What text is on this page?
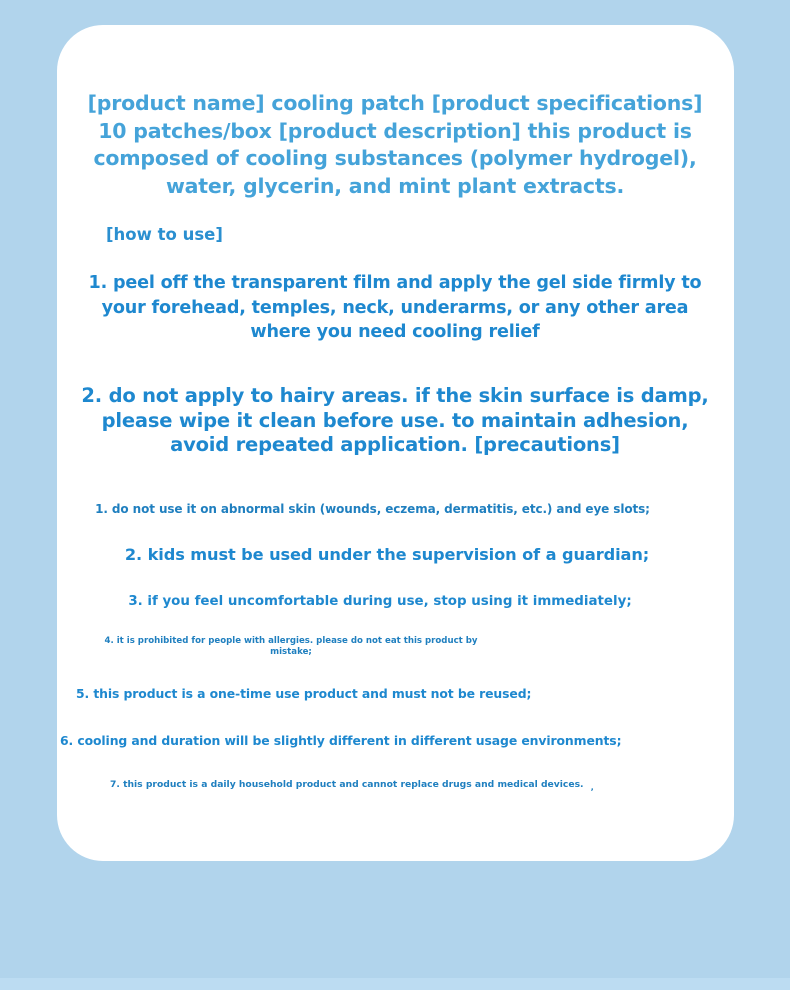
[product name] cooling patch [product specifications]
10 patches/box [product description] this product is
composed of cooling substances (polymer hydrogel),
water, glycerin, and mint plant extracts.
[how to use]
1. peel off the transparent film and apply the gel side firmly to
your forehead, temples, neck, underarms, or any other area
where you need cooling relief
2. do not apply to hairy areas. if the skin surface is damp,
please wipe it clean before use. to maintain adhesion,
avoid repeated application. [precautions]
1. do not use it on abnormal skin (wounds, eczema, dermatitis, etc.) and eye slots;
2. kids must be used under the supervision of a guardian;
3. if you feel uncomfortable during use, stop using it immediately;
4. it is prohibited for people with allergies. please do not eat this product by
mistake;
5. this product is a one-time use product and must not be reused;
6. cooling and duration will be slightly different in different usage environments;
7. this product is a daily household product and cannot replace drugs and medical devices. ,
